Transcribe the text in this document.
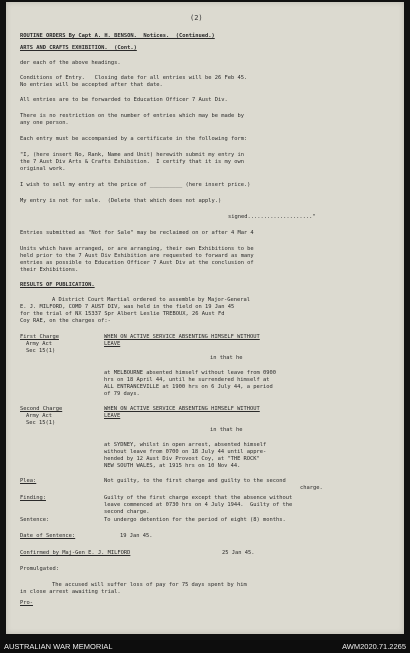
(2)
ROUTINE ORDERS By Capt A. H. BENSON.  Notices.  (Continued.)
ARTS AND CRAFTS EXHIBITION.  (Cont.)
der each of the above headings.
Conditions of Entry.   Closing date for all entries will be 26 Feb 45.
No entries will be accepted after that date.
All entries are to be forwarded to Education Officer 7 Aust Div.
There is no restriction on the number of entries which may be made by
any one person.
Each entry must be accompanied by a certificate in the following form:
"I, (here insert No, Rank, Name and Unit) herewith submit my entry in
the 7 Aust Div Arts & Crafts Exhibition.  I certify that it is my own
original work.
I wish to sell my entry at the price of __________ (here insert price.)
My entry is not for sale.  (Delete that which does not apply.)
signed...................."
Entries submitted as "Not for Sale" may be reclaimed on or after 4 Mar 4
Units which have arranged, or are arranging, their own Exhibitions to be
held prior to the 7 Aust Div Exhibition are requested to forward as many
entries as possible to Education Officer 7 Aust Div at the conclusion of
their Exhibitions.
RESULTS OF PUBLICATION.
A District Court Martial ordered to assemble by Major-General
E. J. MILFORD, COMD 7 AUST DIV, was held in the field on 19 Jan 45
for the trial of NX 15337 Spr Albert Leslie TREBOUX, 26 Aust Fd
Coy RAE, on the charges of:-
First Charge
Army Act
Sec 15(1)
WHEN ON ACTIVE SERVICE ABSENTING HIMSELF WITHOUT
LEAVE
in that he
at MELBOURNE absented himself without leave from 0900
hrs on 18 April 44, until he surrendered himself at
ALL ENTRANCEVILLE at 1900 hrs on 6 July 44, a period
of 79 days.
Second Charge
Army Act
Sec 15(1)
WHEN ON ACTIVE SERVICE ABSENTING HIMSELF WITHOUT
LEAVE
in that he
at SYDNEY, whilst in open arrest, absented himself
without leave from 0700 on 18 July 44 until appre-
hended by 12 Aust Div Provost Coy, at "THE ROCK"
NEW SOUTH WALES, at 1915 hrs on 10 Nov 44.
Plea:	Not guilty, to the first charge and guilty to the second
charge.
Finding:	Guilty of the first charge except that the absence without
leave commenced at 0730 hrs on 4 July 1944.  Guilty of the
second charge.
Sentence:	To undergo detention for the period of eight (8) months.
Date of Sentence:	19 Jan 45.
Confirmed by Maj-Gen E. J. MILFORD	25 Jan 45.
Promulgated:
The accused will suffer loss of pay for 75 days spent by him
in close arrest awaiting trial.
Pro-
AUSTRALIAN WAR MEMORIAL	AWM2020.71.2265
